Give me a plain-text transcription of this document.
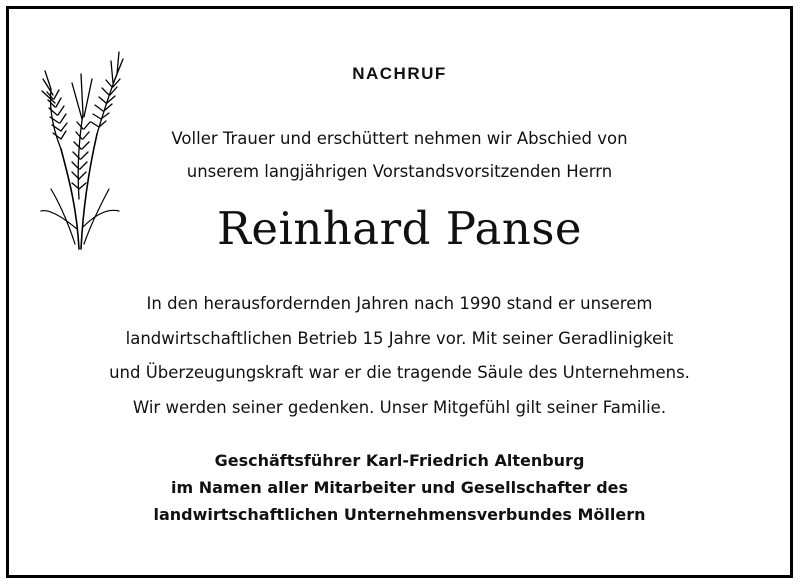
NACHRUF
Voller Trauer und erschüttert nehmen wir Abschied von
unserem langjährigen Vorstandsvorsitzenden Herrn
Reinhard Panse
In den herausfordernden Jahren nach 1990 stand er unserem
landwirtschaftlichen Betrieb 15 Jahre vor. Mit seiner Geradlinigkeit
und Überzeugungskraft war er die tragende Säule des Unternehmens.
Wir werden seiner gedenken. Unser Mitgefühl gilt seiner Familie.
Geschäftsführer Karl-Friedrich Altenburg
im Namen aller Mitarbeiter und Gesellschafter des
landwirtschaftlichen Unternehmensverbundes Möllern
